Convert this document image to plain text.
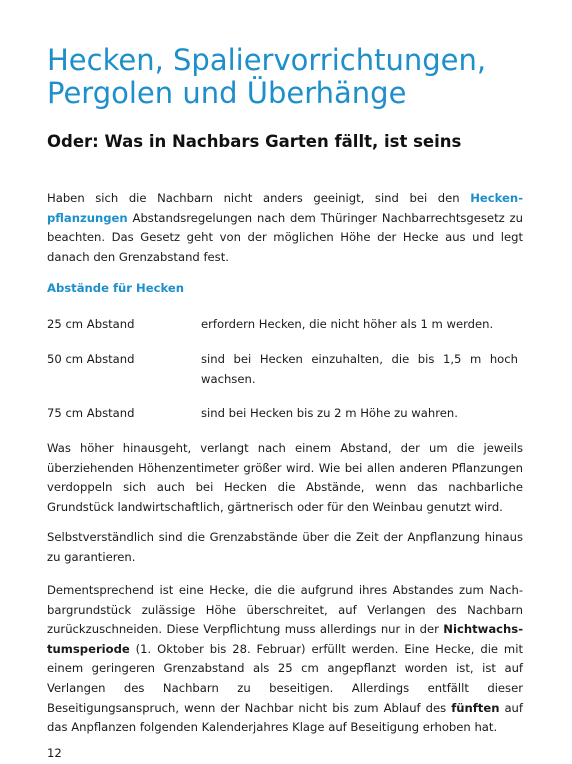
Hecken, Spaliervorrichtungen,
Pergolen und Überhänge
Oder: Was in Nachbars Garten fällt, ist seins

Haben sich die Nachbarn nicht anders geeinigt, sind bei den Heckenpflanzungen Abstandsregelungen nach dem Thüringer Nachbarrechtsgesetz zu beachten. Das Gesetz geht von der möglichen Höhe der Hecke aus und legt danach den Grenzabstand fest.

Abstände für Hecken
25 cm Abstand	erfordern Hecken, die nicht höher als 1 m werden.
50 cm Abstand	sind bei Hecken einzuhalten, die bis 1,5 m hoch wachsen.
75 cm Abstand	sind bei Hecken bis zu 2 m Höhe zu wahren.

Was höher hinausgeht, verlangt nach einem Abstand, der um die jeweils überziehenden Höhenzentimeter größer wird. Wie bei allen anderen Pflanzungen verdoppeln sich auch bei Hecken die Abstände, wenn das nachbarliche Grundstück landwirtschaftlich, gärtnerisch oder für den Weinbau genutzt wird.

Selbstverständlich sind die Grenzabstände über die Zeit der Anpflanzung hinaus zu garantieren.

Dementsprechend ist eine Hecke, die die aufgrund ihres Abstandes zum Nachbargrundstück zulässige Höhe überschreitet, auf Verlangen des Nachbarn zurückzuschneiden. Diese Verpflichtung muss allerdings nur in der Nichtwachstumsperiode (1. Oktober bis 28. Februar) erfüllt werden. Eine Hecke, die mit einem geringeren Grenzabstand als 25 cm angepflanzt worden ist, ist auf Verlangen des Nachbarn zu beseitigen. Allerdings entfällt dieser Beseitigungsanspruch, wenn der Nachbar nicht bis zum Ablauf des fünften auf das Anpflanzen folgenden Kalenderjahres Klage auf Beseitigung erhoben hat.

12
